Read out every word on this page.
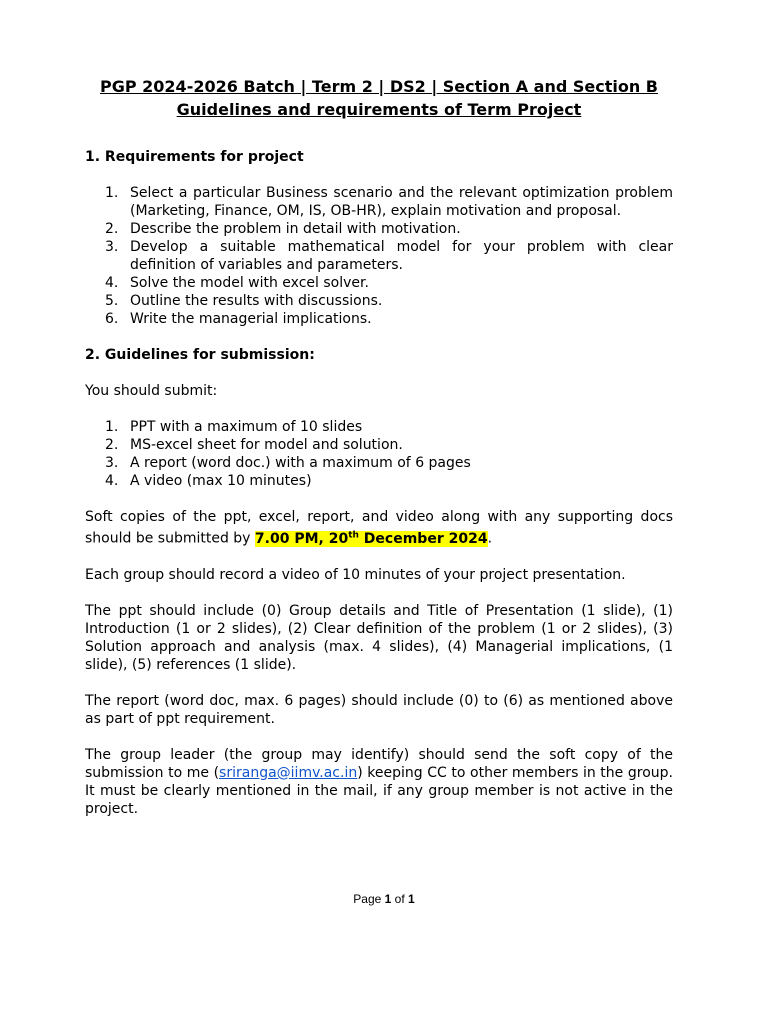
PGP 2024-2026 Batch | Term 2 | DS2 | Section A and Section B

Guidelines and requirements of Term Project

1. Requirements for project

1. Select a particular Business scenario and the relevant optimization problem (Marketing, Finance, OM, IS, OB-HR), explain motivation and proposal.
2. Describe the problem in detail with motivation.
3. Develop a suitable mathematical model for your problem with clear definition of variables and parameters.
4. Solve the model with excel solver.
5. Outline the results with discussions.
6. Write the managerial implications.

2. Guidelines for submission:

You should submit:

1. PPT with a maximum of 10 slides
2. MS-excel sheet for model and solution.
3. A report (word doc.) with a maximum of 6 pages
4. A video (max 10 minutes)

Soft copies of the ppt, excel, report, and video along with any supporting docs should be submitted by 7.00 PM, 20th December 2024.

Each group should record a video of 10 minutes of your project presentation.

The ppt should include (0) Group details and Title of Presentation (1 slide), (1) Introduction (1 or 2 slides), (2) Clear definition of the problem (1 or 2 slides), (3) Solution approach and analysis (max. 4 slides), (4) Managerial implications, (1 slide), (5) references (1 slide).

The report (word doc, max. 6 pages) should include (0) to (6) as mentioned above as part of ppt requirement.

The group leader (the group may identify) should send the soft copy of the submission to me (sriranga@iimv.ac.in) keeping CC to other members in the group. It must be clearly mentioned in the mail, if any group member is not active in the project.

Page 1 of 1
